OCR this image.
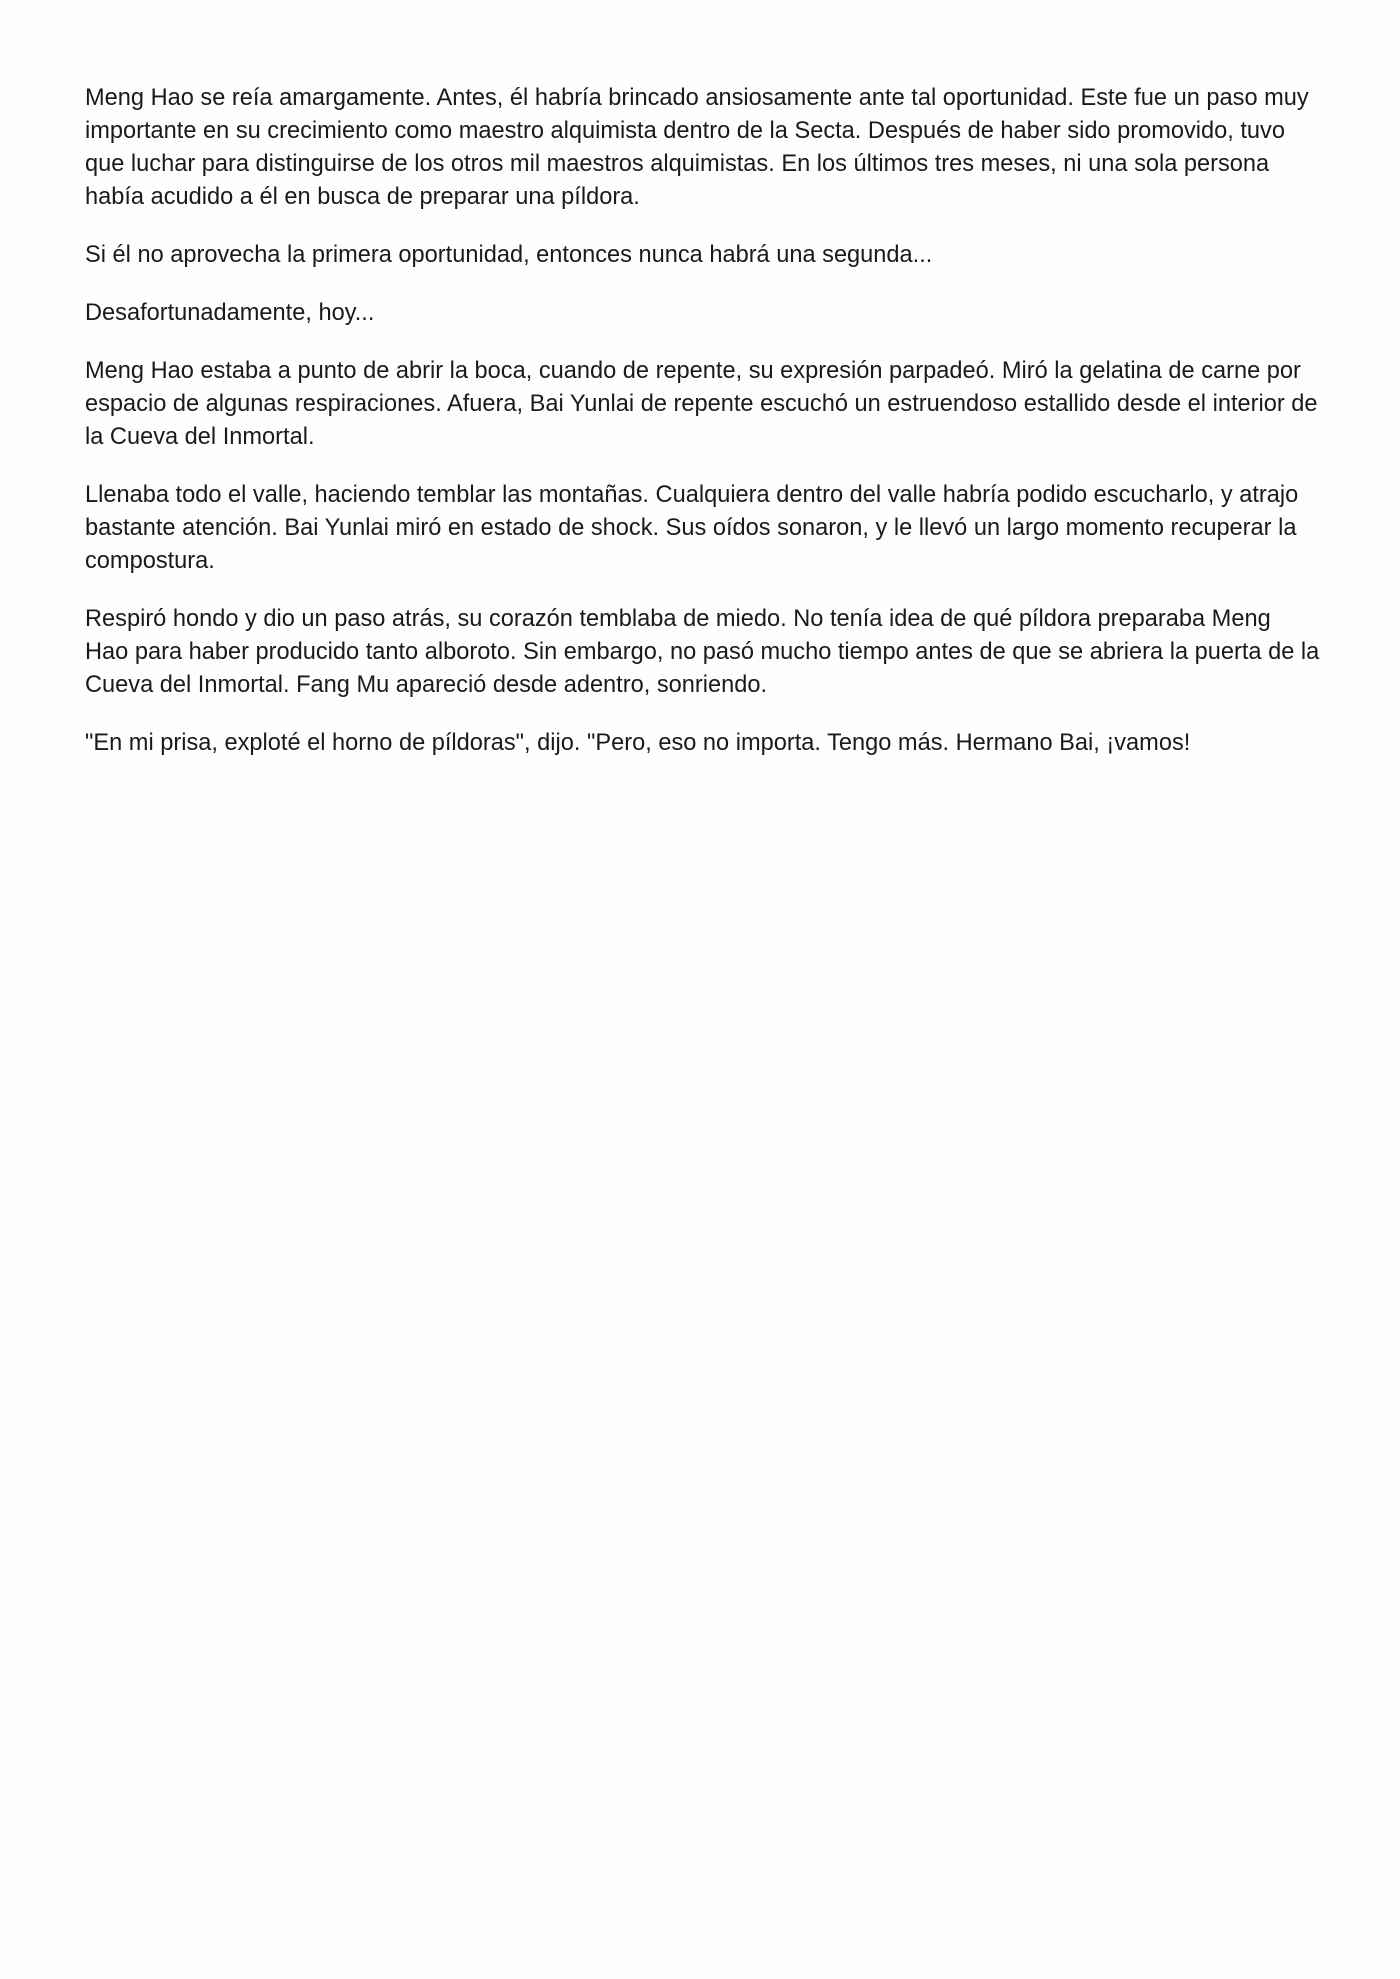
Meng Hao se reía amargamente. Antes, él habría brincado ansiosamente ante tal oportunidad. Este fue un paso muy importante en su crecimiento como maestro alquimista dentro de la Secta. Después de haber sido promovido, tuvo que luchar para distinguirse de los otros mil maestros alquimistas. En los últimos tres meses, ni una sola persona había acudido a él en busca de preparar una píldora.

Si él no aprovecha la primera oportunidad, entonces nunca habrá una segunda...

Desafortunadamente, hoy...

Meng Hao estaba a punto de abrir la boca, cuando de repente, su expresión parpadeó. Miró la gelatina de carne por espacio de algunas respiraciones. Afuera, Bai Yunlai de repente escuchó un estruendoso estallido desde el interior de la Cueva del Inmortal.

Llenaba todo el valle, haciendo temblar las montañas. Cualquiera dentro del valle habría podido escucharlo, y atrajo bastante atención. Bai Yunlai miró en estado de shock. Sus oídos sonaron, y le llevó un largo momento recuperar la compostura.

Respiró hondo y dio un paso atrás, su corazón temblaba de miedo. No tenía idea de qué píldora preparaba Meng Hao para haber producido tanto alboroto. Sin embargo, no pasó mucho tiempo antes de que se abriera la puerta de la Cueva del Inmortal. Fang Mu apareció desde adentro, sonriendo.

"En mi prisa, exploté el horno de píldoras", dijo. "Pero, eso no importa. Tengo más. Hermano Bai, ¡vamos!
